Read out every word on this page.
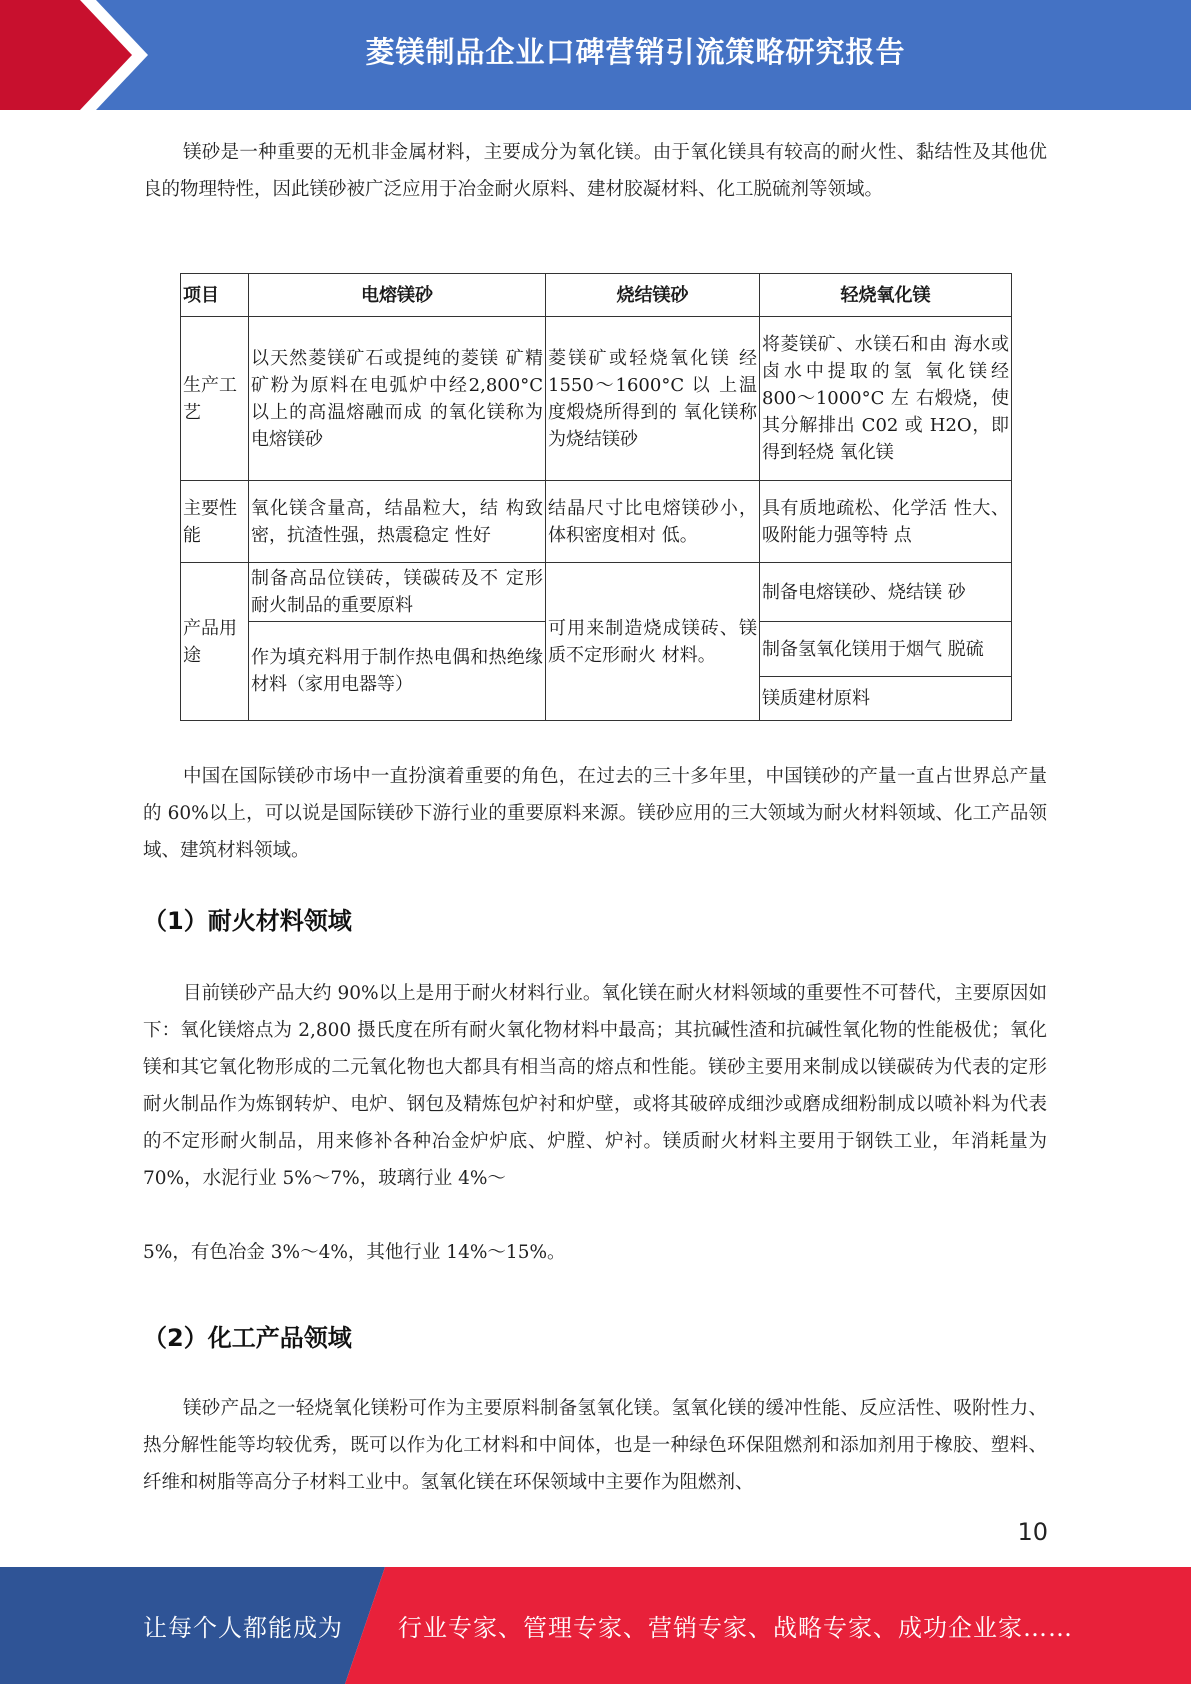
菱镁制品企业口碑营销引流策略研究报告

镁砂是一种重要的无机非金属材料，主要成分为氧化镁。由于氧化镁具有较高的耐火性、黏结性及其他优良的物理特性，因此镁砂被广泛应用于冶金耐火原料、建材胶凝材料、化工脱硫剂等领域。

项目	电熔镁砂	烧结镁砂	轻烧氧化镁
生产工艺	以天然菱镁矿石或提纯的菱镁 矿精矿粉为原料在电弧炉中经2,800°C 以上的高温熔融而成 的氧化镁称为电熔镁砂	菱镁矿或轻烧氧化镁 经1550〜1600°C 以 上温度煅烧所得到的 氧化镁称为烧结镁砂	将菱镁矿、水镁石和由 海水或卤水中提取的氢 氧化镁经800〜1000°C 左 右煅烧，使其分解排出 C02 或 H2O，即得到轻烧 氧化镁
主要性能	氧化镁含量高，结晶粒大，结 构致密，抗渣性强，热震稳定 性好	结晶尺寸比电熔镁砂小，体积密度相对 低。	具有质地疏松、化学活 性大、吸附能力强等特 点
产品用途	制备高品位镁砖，镁碳砖及不 定形耐火制品的重要原料	可用来制造烧成镁砖、镁质不定形耐火 材料。	制备电熔镁砂、烧结镁 砂
	作为填充料用于制作热电偶和热绝缘材料（家用电器等）		制备氢氧化镁用于烟气 脱硫
			镁质建材原料

中国在国际镁砂市场中一直扮演着重要的角色，在过去的三十多年里，中国镁砂的产量一直占世界总产量的 60%以上，可以说是国际镁砂下游行业的重要原料来源。镁砂应用的三大领域为耐火材料领域、化工产品领域、建筑材料领域。

（1）耐火材料领域

目前镁砂产品大约 90%以上是用于耐火材料行业。氧化镁在耐火材料领域的重要性不可替代，主要原因如下：氧化镁熔点为 2,800 摄氏度在所有耐火氧化物材料中最高；其抗碱性渣和抗碱性氧化物的性能极优；氧化镁和其它氧化物形成的二元氧化物也大都具有相当高的熔点和性能。镁砂主要用来制成以镁碳砖为代表的定形耐火制品作为炼钢转炉、电炉、钢包及精炼包炉衬和炉壁，或将其破碎成细沙或磨成细粉制成以喷补料为代表的不定形耐火制品，用来修补各种冶金炉炉底、炉膛、炉衬。镁质耐火材料主要用于钢铁工业，年消耗量为 70%，水泥行业 5%〜7%，玻璃行业 4%〜

5%，有色冶金 3%〜4%，其他行业 14%〜15%。

（2）化工产品领域

镁砂产品之一轻烧氧化镁粉可作为主要原料制备氢氧化镁。氢氧化镁的缓冲性能、反应活性、吸附性力、热分解性能等均较优秀，既可以作为化工材料和中间体，也是一种绿色环保阻燃剂和添加剂用于橡胶、塑料、纤维和树脂等高分子材料工业中。氢氧化镁在环保领域中主要作为阻燃剂、

10
让每个人都能成为 行业专家、管理专家、营销专家、战略专家、成功企业家……
